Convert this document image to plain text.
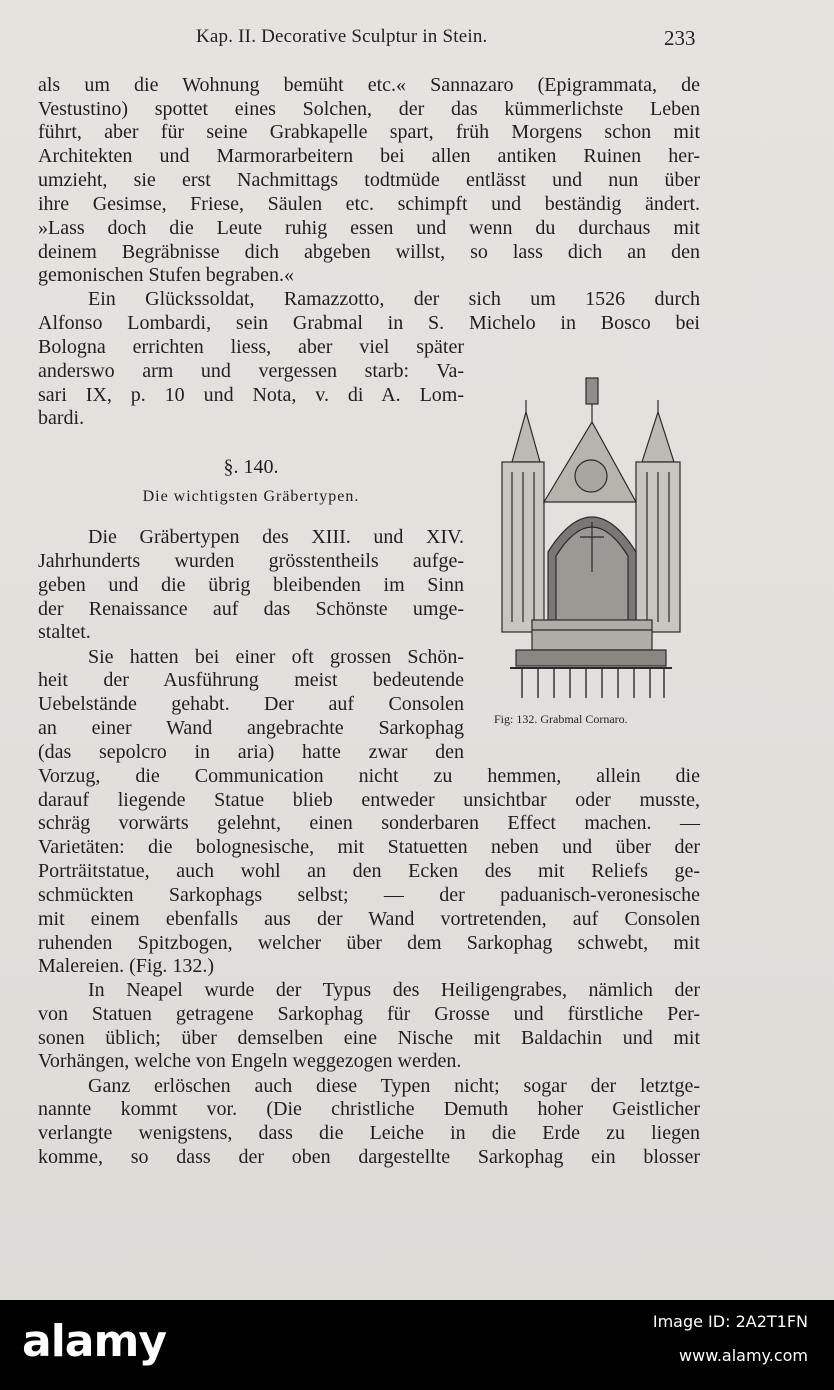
Kap. II. Decorative Sculptur in Stein.	233
als um die Wohnung bemüht etc.« Sannazaro (Epigrammata, de
Vestustino) spottet eines Solchen, der das kümmerlichste Leben
führt, aber für seine Grabkapelle spart, früh Morgens schon mit
Architekten und Marmorarbeitern bei allen antiken Ruinen her-
umzieht, sie erst Nachmittags todtmüde entlässt und nun über
ihre Gesimse, Friese, Säulen etc. schimpft und beständig ändert.
»Lass doch die Leute ruhig essen und wenn du durchaus mit
deinem Begräbnisse dich abgeben willst, so lass dich an den
gemonischen Stufen begraben.«
Ein Glückssoldat, Ramazzotto, der sich um 1526 durch
Alfonso Lombardi, sein Grabmal in S. Michelo in Bosco bei
Bologna errichten liess, aber viel später
anderswo arm und vergessen starb: Va-
sari IX, p. 10 und Nota, v. di A. Lom-
bardi.
§. 140.
Die wichtigsten Gräbertypen.
Die Gräbertypen des XIII. und XIV.
Jahrhunderts wurden grösstentheils aufge-
geben und die übrig bleibenden im Sinn
der Renaissance auf das Schönste umge-
staltet.
Sie hatten bei einer oft grossen Schön-
heit der Ausführung meist bedeutende
Uebelstände gehabt. Der auf Consolen
an einer Wand angebrachte Sarkophag
(das sepolcro in aria) hatte zwar den
Vorzug, die Communication nicht zu hemmen, allein die
darauf liegende Statue blieb entweder unsichtbar oder musste,
schräg vorwärts gelehnt, einen sonderbaren Effect machen. —
Varietäten: die bolognesische, mit Statuetten neben und über der
Porträitstatue, auch wohl an den Ecken des mit Reliefs ge-
schmückten Sarkophags selbst; — der paduanisch-veronesische
mit einem ebenfalls aus der Wand vortretenden, auf Consolen
ruhenden Spitzbogen, welcher über dem Sarkophag schwebt, mit
Malereien. (Fig. 132.)
In Neapel wurde der Typus des Heiligengrabes, nämlich der
von Statuen getragene Sarkophag für Grosse und fürstliche Per-
sonen üblich; über demselben eine Nische mit Baldachin und mit
Vorhängen, welche von Engeln weggezogen werden.
Ganz erlöschen auch diese Typen nicht; sogar der letztge-
nannte kommt vor. (Die christliche Demuth hoher Geistlicher
verlangte wenigstens, dass die Leiche in die Erde zu liegen
komme, so dass der oben dargestellte Sarkophag ein blosser
Fig: 132. Grabmal Cornaro.
alamy	Image ID: 2A2T1FN
www.alamy.com
